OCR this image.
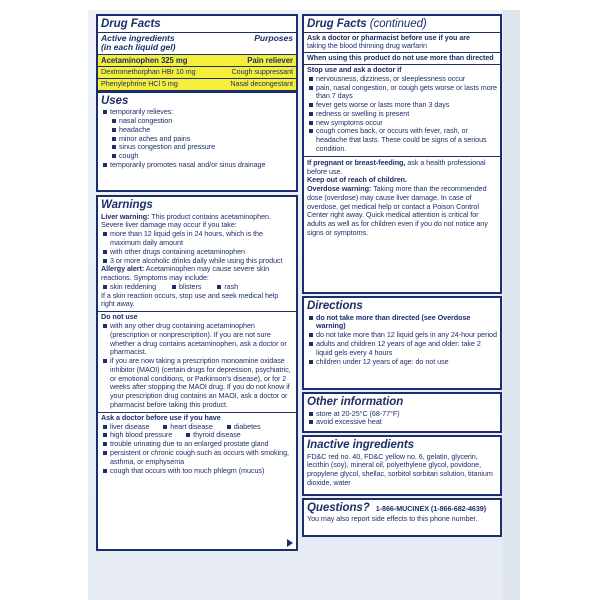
Drug Facts
Active ingredients	Purposes
(in each liquid gel)
Acetaminophen 325 mg	Pain reliever
Dextromethorphan HBr 10 mg	Cough suppressant
Phenylephrine HCl 5 mg	Nasal decongestant
Uses
temporarily relieves:
nasal congestion
headache
minor aches and pains
sinus congestion and pressure
cough
temporarily promotes nasal and/or sinus drainage
Warnings
Liver warning: This product contains acetaminophen. Severe liver damage may occur if you take:
more than 12 liquid gels in 24 hours, which is the maximum daily amount
with other drugs containing acetaminophen
3 or more alcoholic drinks daily while using this product
Allergy alert: Acetaminophen may cause severe skin reactions. Symptoms may include:
skin reddening	blisters	rash
If a skin reaction occurs, stop use and seek medical help right away.
Do not use
with any other drug containing acetaminophen (prescription or nonprescription). If you are not sure whether a drug contains acetaminophen, ask a doctor or pharmacist.
if you are now taking a prescription monoamine oxidase inhibitor (MAOI) (certain drugs for depression, psychiatric, or emotional conditions, or Parkinson's disease), or for 2 weeks after stopping the MAOI drug. If you do not know if your prescription drug contains an MAOI, ask a doctor or pharmacist before taking this product.
Ask a doctor before use if you have
liver disease	heart disease	diabetes
high blood pressure	thyroid disease
trouble urinating due to an enlarged prostate gland
persistent or chronic cough such as occurs with smoking, asthma, or emphysema
cough that occurs with too much phlegm (mucus)
Drug Facts (continued)
Ask a doctor or pharmacist before use if you are
taking the blood thinning drug warfarin
When using this product do not use more than directed
Stop use and ask a doctor if
nervousness, dizziness, or sleeplessness occur
pain, nasal congestion, or cough gets worse or lasts more than 7 days
fever gets worse or lasts more than 3 days
redness or swelling is present
new symptoms occur
cough comes back, or occurs with fever, rash, or headache that lasts. These could be signs of a serious condition.
If pregnant or breast-feeding, ask a health professional before use.
Keep out of reach of children.
Overdose warning: Taking more than the recommended dose (overdose) may cause liver damage. In case of overdose, get medical help or contact a Poison Control Center right away. Quick medical attention is critical for adults as well as for children even if you do not notice any signs or symptoms.
Directions
do not take more than directed (see Overdose warning)
do not take more than 12 liquid gels in any 24-hour period
adults and children 12 years of age and older: take 2 liquid gels every 4 hours
children under 12 years of age: do not use
Other information
store at 20-25°C (68-77°F)
avoid excessive heat
Inactive ingredients
FD&C red no. 40, FD&C yellow no. 6, gelatin, glycerin, lecithin (soy), mineral oil, polyethylene glycol, povidone, propylene glycol, shellac, sorbitol sorbitan solution, titanium dioxide, water
Questions? 1-866-MUCINEX (1-866-682-4639)
You may also report side effects to this phone number.
